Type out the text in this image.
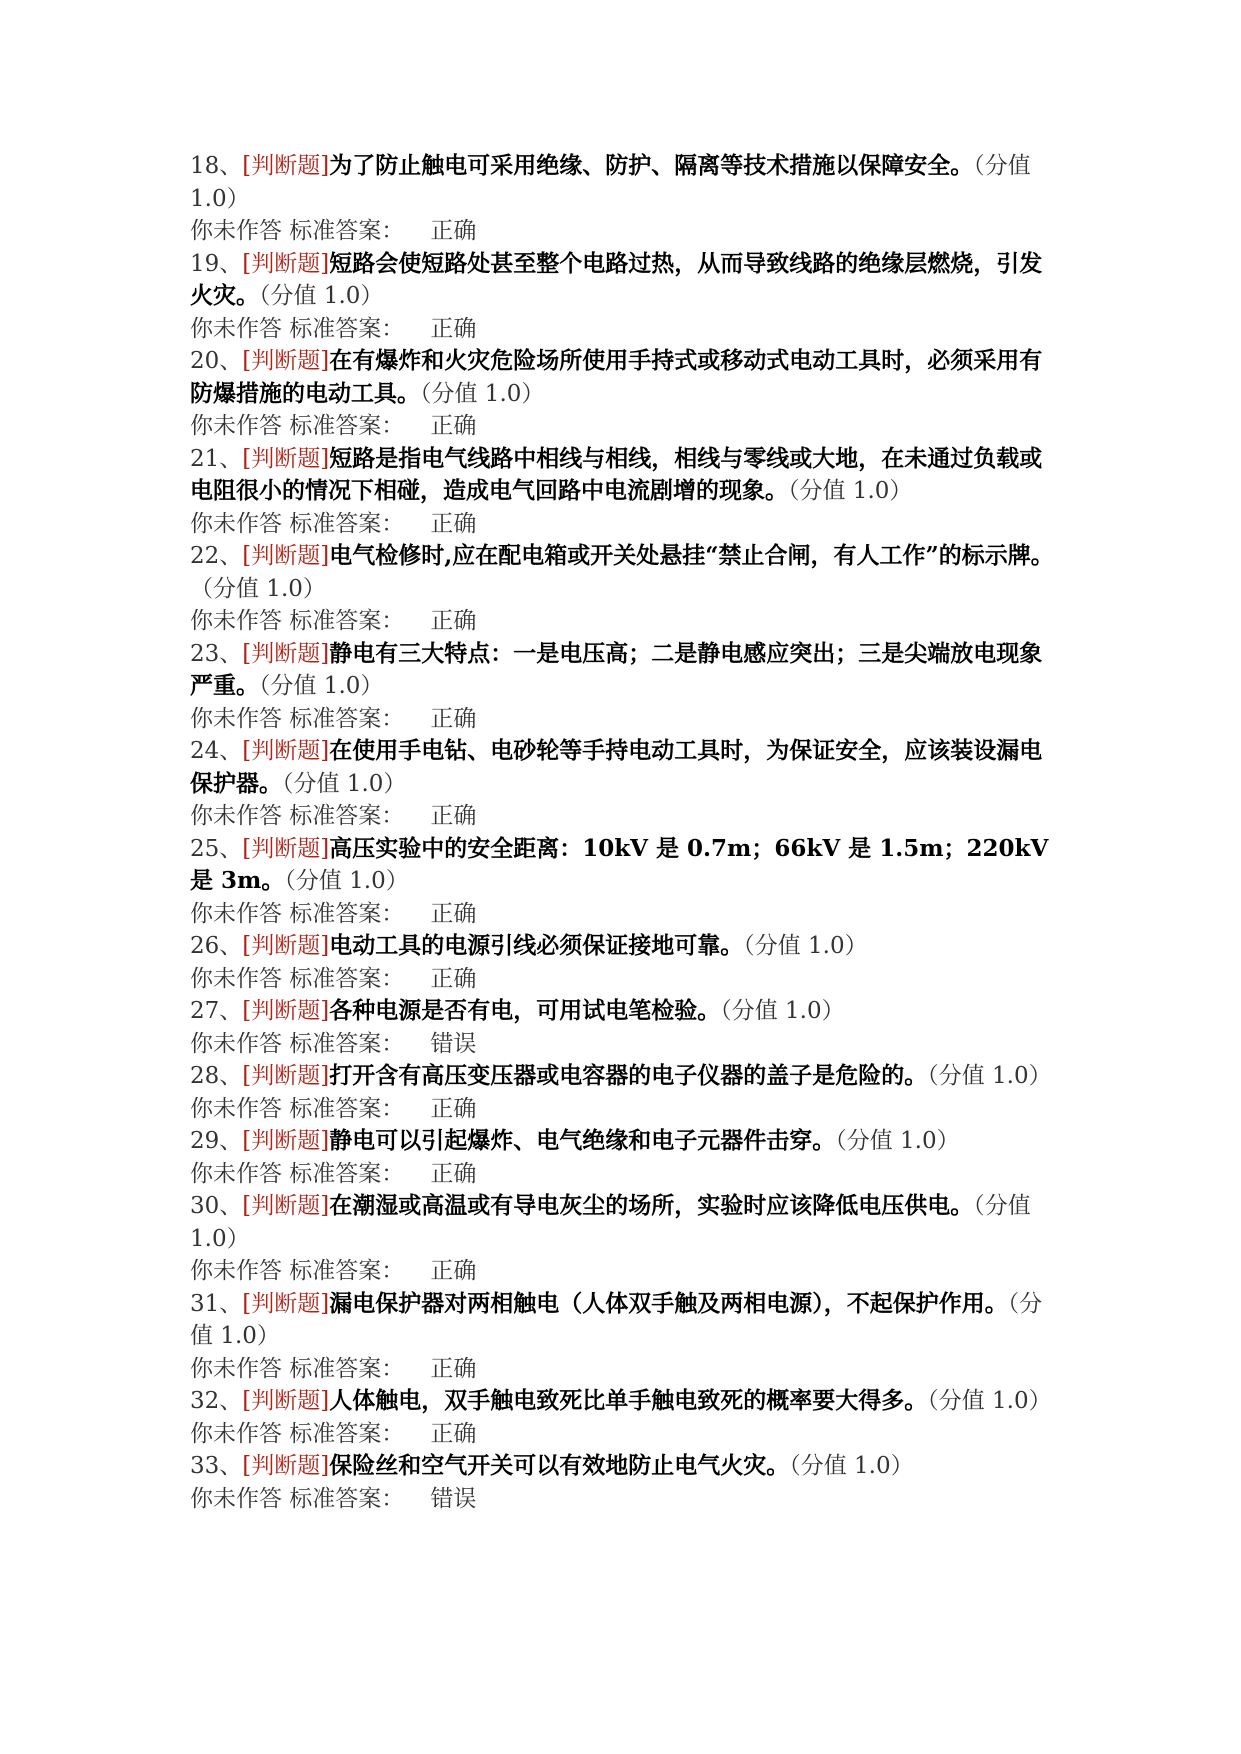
18、[判断题]为了防止触电可采用绝缘、防护、隔离等技术措施以保障安全。（分值 1.0）
你未作答 标准答案： 正确
19、[判断题]短路会使短路处甚至整个电路过热，从而导致线路的绝缘层燃烧，引发火灾。（分值 1.0）
你未作答 标准答案： 正确
20、[判断题]在有爆炸和火灾危险场所使用手持式或移动式电动工具时，必须采用有防爆措施的电动工具。（分值 1.0）
你未作答 标准答案： 正确
21、[判断题]短路是指电气线路中相线与相线，相线与零线或大地，在未通过负载或电阻很小的情况下相碰，造成电气回路中电流剧增的现象。（分值 1.0）
你未作答 标准答案： 正确
22、[判断题]电气检修时,应在配电箱或开关处悬挂“禁止合闸，有人工作”的标示牌。（分值 1.0）
你未作答 标准答案： 正确
23、[判断题]静电有三大特点：一是电压高；二是静电感应突出；三是尖端放电现象严重。（分值 1.0）
你未作答 标准答案： 正确
24、[判断题]在使用手电钻、电砂轮等手持电动工具时，为保证安全，应该装设漏电保护器。（分值 1.0）
你未作答 标准答案： 正确
25、[判断题]高压实验中的安全距离：10kV 是 0.7m；66kV 是 1.5m；220kV 是 3m。（分值 1.0）
你未作答 标准答案： 正确
26、[判断题]电动工具的电源引线必须保证接地可靠。（分值 1.0）
你未作答 标准答案： 正确
27、[判断题]各种电源是否有电，可用试电笔检验。（分值 1.0）
你未作答 标准答案： 错误
28、[判断题]打开含有高压变压器或电容器的电子仪器的盖子是危险的。（分值 1.0）
你未作答 标准答案： 正确
29、[判断题]静电可以引起爆炸、电气绝缘和电子元器件击穿。（分值 1.0）
你未作答 标准答案： 正确
30、[判断题]在潮湿或高温或有导电灰尘的场所，实验时应该降低电压供电。（分值 1.0）
你未作答 标准答案： 正确
31、[判断题]漏电保护器对两相触电（人体双手触及两相电源），不起保护作用。（分值 1.0）
你未作答 标准答案： 正确
32、[判断题]人体触电，双手触电致死比单手触电致死的概率要大得多。（分值 1.0）
你未作答 标准答案： 正确
33、[判断题]保险丝和空气开关可以有效地防止电气火灾。（分值 1.0）
你未作答 标准答案： 错误
